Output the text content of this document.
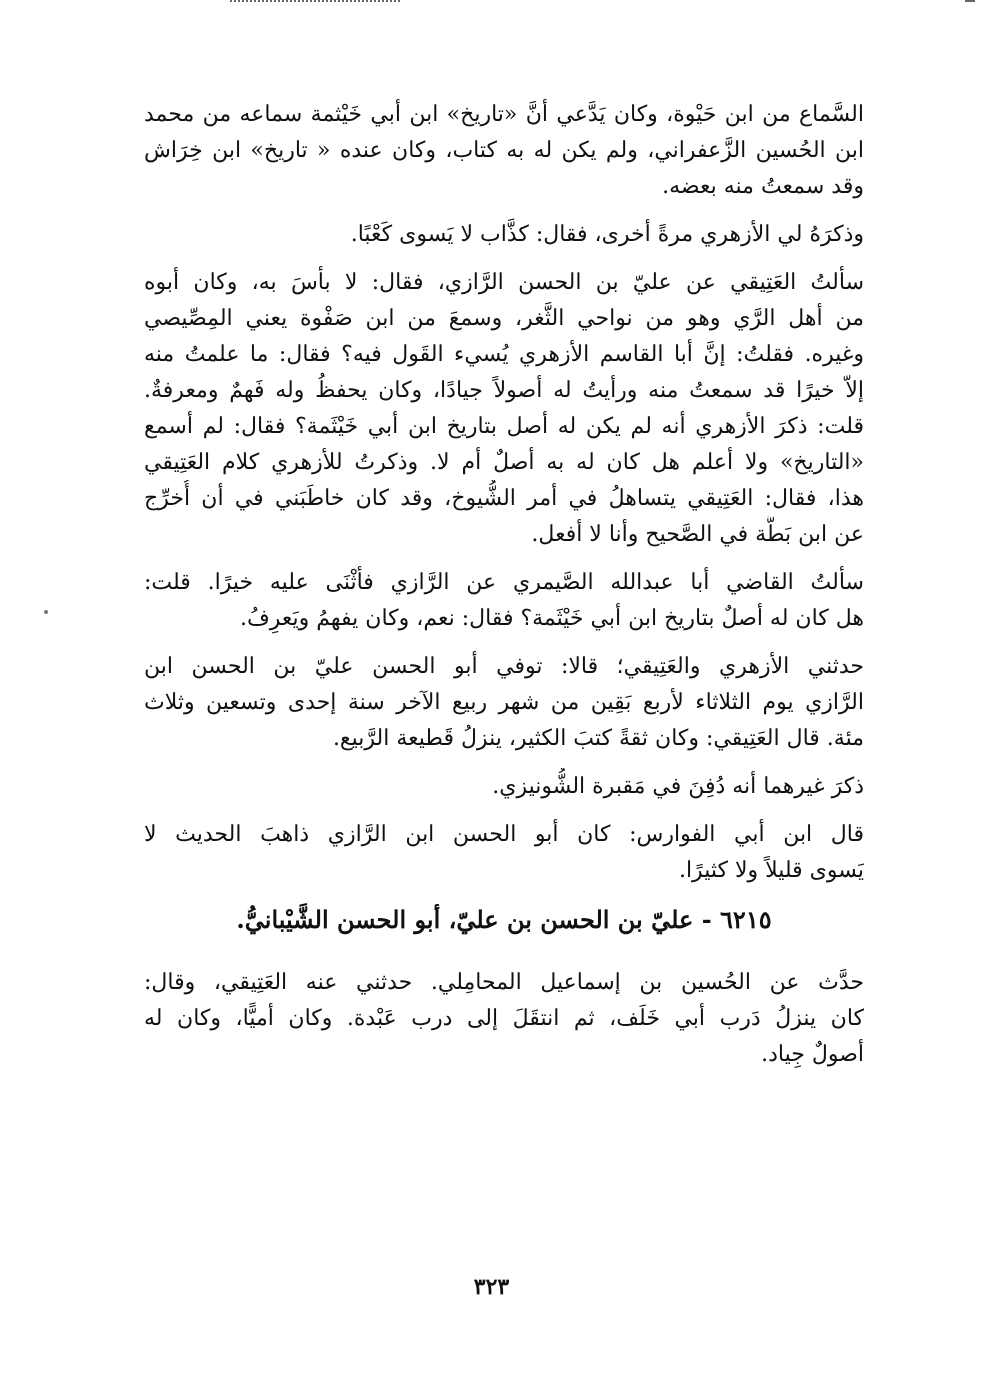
السَّماع من ابن حَيْوة، وكان يَدَّعي أنَّ «تاريخ» ابن أبي خَيْثمة سماعه من محمد
ابن الحُسين الزَّعفراني، ولم يكن له به كتاب، وكان عنده « تاريخ» ابن خِرَاش
وقد سمعتُ منه بعضه.
وذكرَهُ لي الأزهري مرةً أخرى، فقال: كذَّاب لا يَسوى كَعْبًا.
سألتُ العَتِيقي عن عليّ بن الحسن الرَّازي، فقال: لا بأسَ به، وكان أبوه
من أهل الرَّي وهو من نواحي الثَّغر، وسمعَ من ابن صَفْوة يعني المِصِّيصي
وغيره. فقلتُ: إنَّ أبا القاسم الأزهري يُسيء القَول فيه؟ فقال: ما علمتُ منه
إلاّ خيرًا قد سمعتُ منه ورأيتُ له أصولاً جيادًا، وكان يحفظُ وله فَهمٌ ومعرفةٌ.
قلت: ذكرَ الأزهري أنه لم يكن له أصل بتاريخ ابن أبي خَيْثَمة؟ فقال: لم أسمع
«التاريخ» ولا أعلم هل كان له به أصلٌ أم لا. وذكرتُ للأزهري كلام العَتِيقي
هذا، فقال: العَتِيقي يتساهلُ في أمر الشُّيوخ، وقد كان خاطَبَني في أن أُخرِّج
عن ابن بَطَّة في الصَّحيح وأنا لا أفعل.
سألتُ القاضي أبا عبدالله الصَّيمري عن الرَّازي فأثْنَى عليه خيرًا. قلت:
هل كان له أصلٌ بتاريخ ابن أبي خَيْثَمة؟ فقال: نعم، وكان يفهمُ ويَعرِفُ.
حدثني الأزهري والعَتِيقي؛ قالا: توفي أبو الحسن عليّ بن الحسن ابن
الرَّازي يوم الثلاثاء لأربع بَقِين من شهر ربيع الآخر سنة إحدى وتسعين وثلاث
مئة. قال العَتِيقي: وكان ثقةً كتبَ الكثير، ينزلُ قَطيعة الرَّبيع.
ذكرَ غيرهما أنه دُفِنَ في مَقبرة الشُّونيزي.
قال ابن أبي الفوارس: كان أبو الحسن ابن الرَّازي ذاهبَ الحديث لا
يَسوى قليلاً ولا كثيرًا.
٦٢١٥ - عليّ بن الحسن بن عليّ، أبو الحسن الشَّيْبانيُّ.
حدَّث عن الحُسين بن إسماعيل المحامِلي. حدثني عنه العَتِيقي، وقال:
كان ينزلُ دَرب أبي خَلَف، ثم انتقَلَ إلى درب عَبْدة. وكان أميًّا، وكان له
أصولٌ جِياد.
٣٢٣
